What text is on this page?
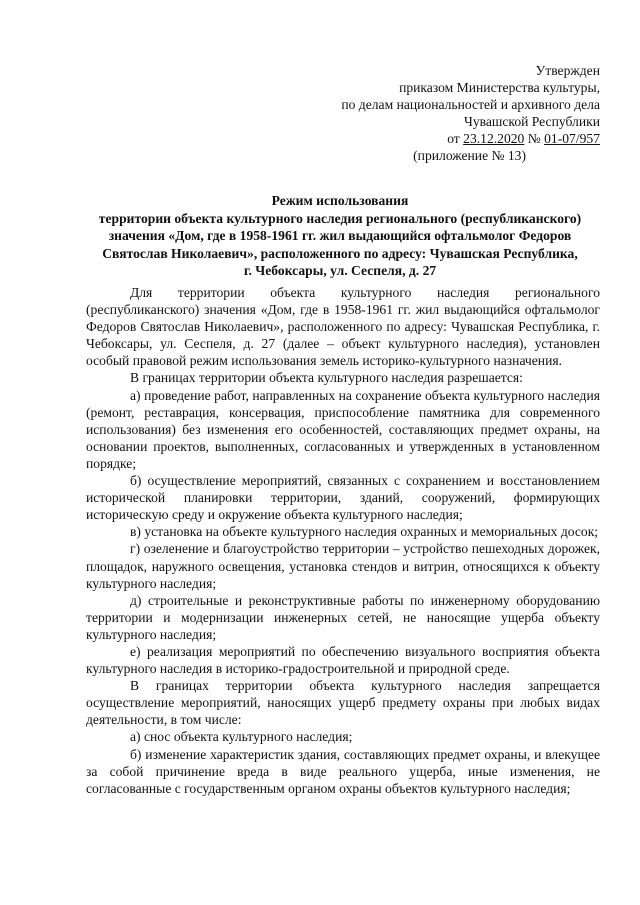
Утвержден
приказом Министерства культуры,
по делам национальностей и архивного дела
Чувашской Республики
от 23.12.2020 № 01-07/957
(приложение № 13)
Режим использования
территории объекта культурного наследия регионального (республиканского)
значения «Дом, где в 1958-1961 гг. жил выдающийся офтальмолог Федоров
Святослав Николаевич», расположенного по адресу: Чувашская Республика,
г. Чебоксары, ул. Сеспеля, д. 27

Для территории объекта культурного наследия регионального (республиканского) значения «Дом, где в 1958-1961 гг. жил выдающийся офтальмолог Федоров Святослав Николаевич», расположенного по адресу: Чувашская Республика, г. Чебоксары, ул. Сеспеля, д. 27 (далее – объект культурного наследия), установлен особый правовой режим использования земель историко-культурного назначения.

В границах территории объекта культурного наследия разрешается:

а) проведение работ, направленных на сохранение объекта культурного наследия (ремонт, реставрация, консервация, приспособление памятника для современного использования) без изменения его особенностей, составляющих предмет охраны, на основании проектов, выполненных, согласованных и утвержденных в установленном порядке;

б) осуществление мероприятий, связанных с сохранением и восстановлением исторической планировки территории, зданий, сооружений, формирующих историческую среду и окружение объекта культурного наследия;

в) установка на объекте культурного наследия охранных и мемориальных досок;

г) озеленение и благоустройство территории – устройство пешеходных дорожек, площадок, наружного освещения, установка стендов и витрин, относящихся к объекту культурного наследия;

д) строительные и реконструктивные работы по инженерному оборудованию территории и модернизации инженерных сетей, не наносящие ущерба объекту культурного наследия;

е) реализация мероприятий по обеспечению визуального восприятия объекта культурного наследия в историко-градостроительной и природной среде.

В границах территории объекта культурного наследия запрещается осуществление мероприятий, наносящих ущерб предмету охраны при любых видах деятельности, в том числе:

а) снос объекта культурного наследия;

б) изменение характеристик здания, составляющих предмет охраны, и влекущее за собой причинение вреда в виде реального ущерба, иные изменения, не согласованные с государственным органом охраны объектов культурного наследия;
